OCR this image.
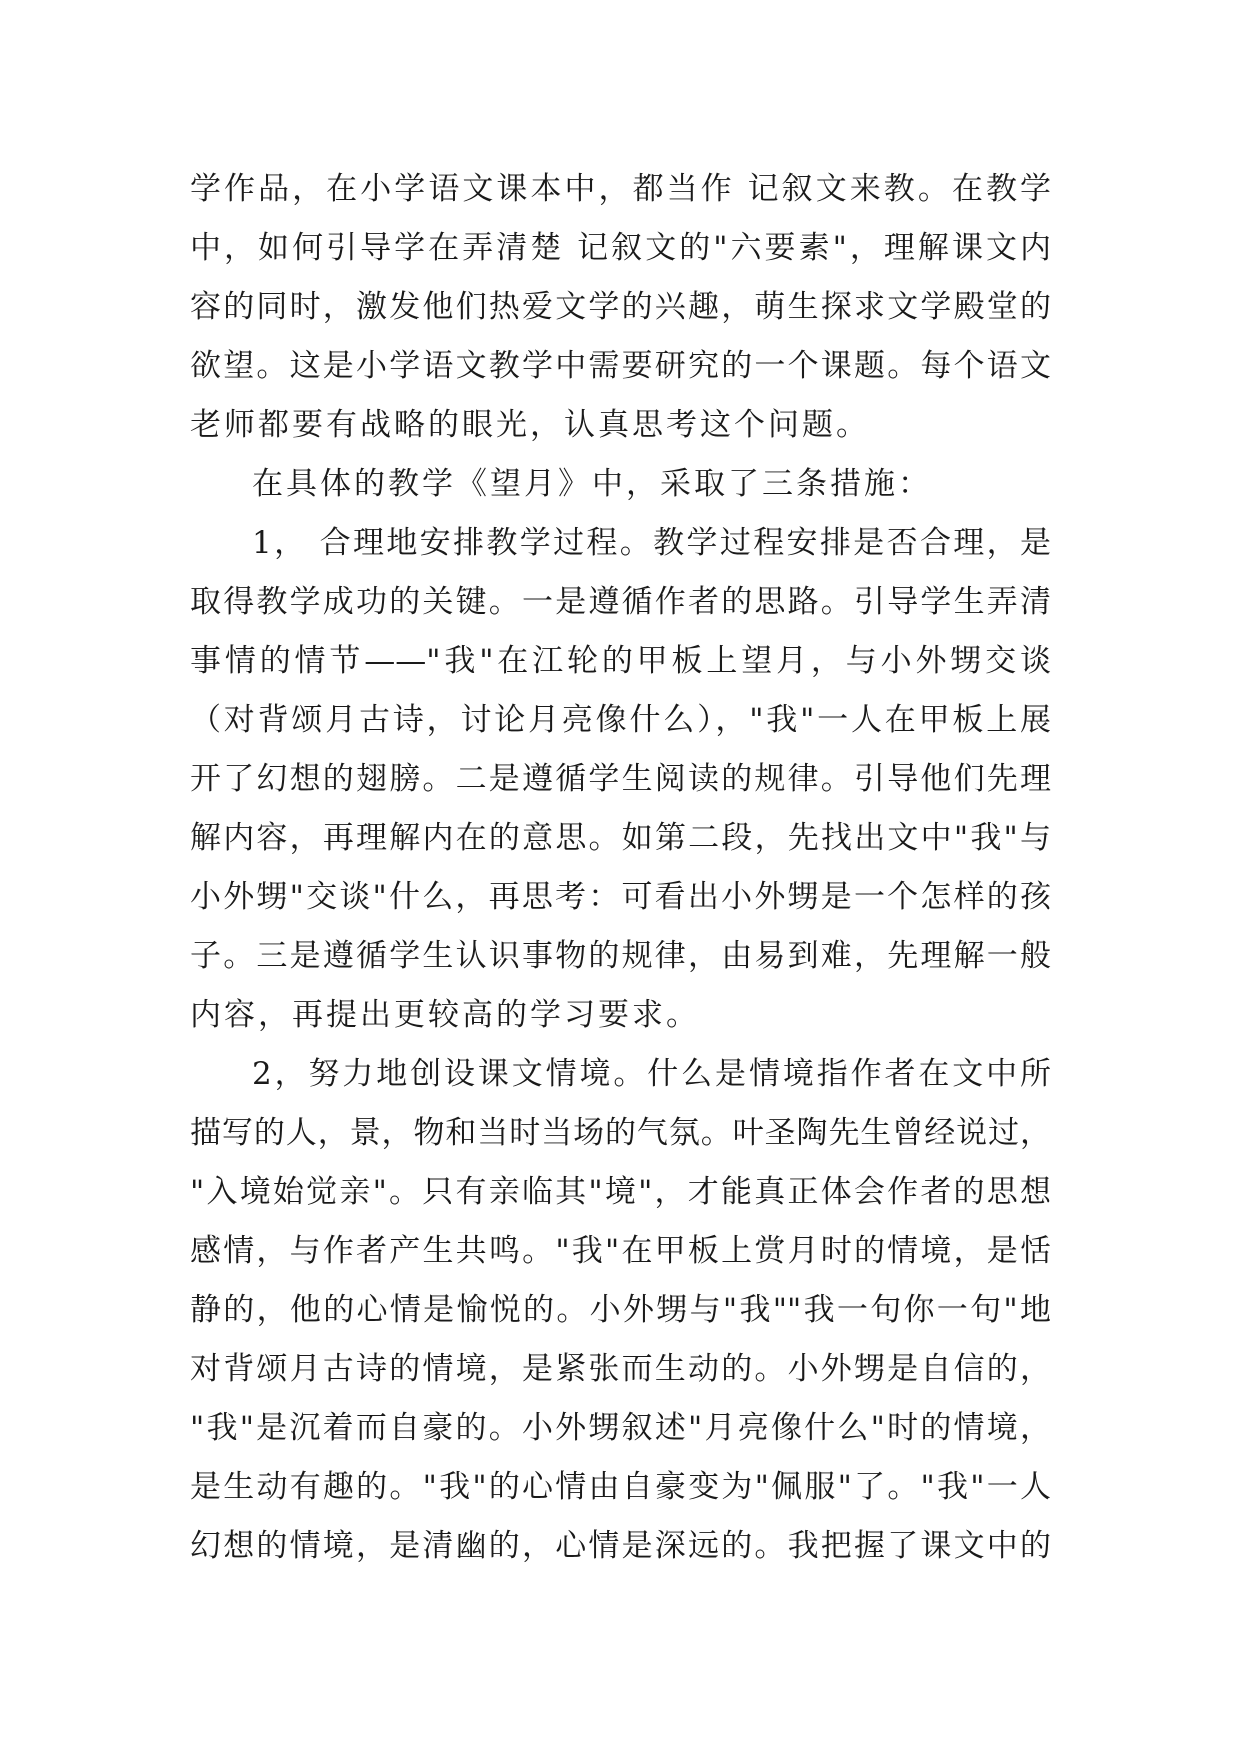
学作品，在小学语文课本中，都当作 记叙文来教。在教学
中，如何引导学在弄清楚 记叙文的"六要素"，理解课文内
容的同时，激发他们热爱文学的兴趣，萌生探求文学殿堂的
欲望。这是小学语文教学中需要研究的一个课题。每个语文
老师都要有战略的眼光，认真思考这个问题。
在具体的教学《望月》中，采取了三条措施：
1， 合理地安排教学过程。教学过程安排是否合理，是
取得教学成功的关键。一是遵循作者的思路。引导学生弄清
事情的情节——"我"在江轮的甲板上望月，与小外甥交谈
（对背颂月古诗，讨论月亮像什么），"我"一人在甲板上展
开了幻想的翅膀。二是遵循学生阅读的规律。引导他们先理
解内容，再理解内在的意思。如第二段，先找出文中"我"与
小外甥"交谈"什么，再思考：可看出小外甥是一个怎样的孩
子。三是遵循学生认识事物的规律，由易到难，先理解一般
内容，再提出更较高的学习要求。
2，努力地创设课文情境。什么是情境指作者在文中所
描写的人，景，物和当时当场的气氛。叶圣陶先生曾经说过，
"入境始觉亲"。只有亲临其"境"，才能真正体会作者的思想
感情，与作者产生共鸣。"我"在甲板上赏月时的情境，是恬
静的，他的心情是愉悦的。小外甥与"我""我一句你一句"地
对背颂月古诗的情境，是紧张而生动的。小外甥是自信的，
"我"是沉着而自豪的。小外甥叙述"月亮像什么"时的情境，
是生动有趣的。"我"的心情由自豪变为"佩服"了。"我"一人
幻想的情境，是清幽的，心情是深远的。我把握了课文中的
